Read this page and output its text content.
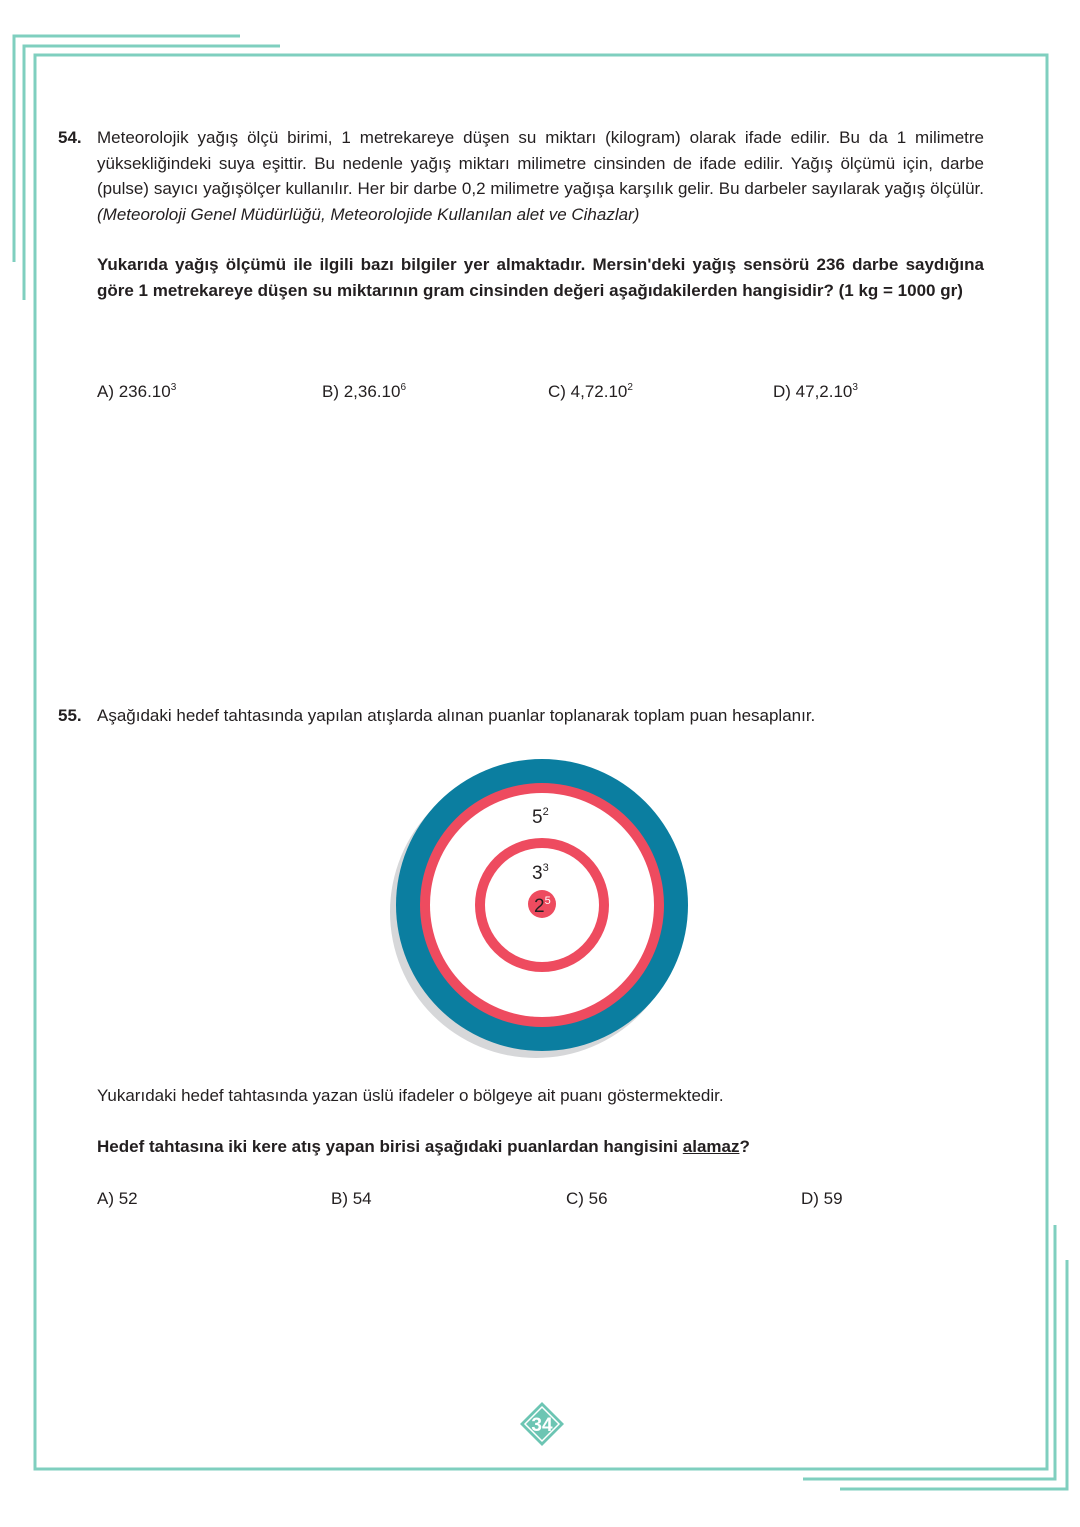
54. Meteorolojik yağış ölçü birimi, 1 metrekareye düşen su miktarı (kilogram) olarak ifade edilir. Bu da 1 milimetre yüksekliğindeki suya eşittir. Bu nedenle yağış miktarı milimetre cinsinden de ifade edilir. Yağış ölçümü için, darbe (pulse) sayıcı yağışölçer kullanılır. Her bir darbe 0,2 milimetre yağışa karşılık gelir. Bu darbeler sayılarak yağış ölçülür. (Meteoroloji Genel Müdürlüğü, Meteorolojide Kullanılan alet ve Cihazlar)

Yukarıda yağış ölçümü ile ilgili bazı bilgiler yer almaktadır. Mersin'deki yağış sensörü 236 darbe saydığına göre 1 metrekareye düşen su miktarının gram cinsinden değeri aşağıdakilerden hangisidir? (1 kg = 1000 gr)

A) 236.10$^3$	B) 2,36.10$^6$	C) 4,72.10$^2$	D) 47,2.10$^3$
55. Aşağıdaki hedef tahtasında yapılan atışlarda alınan puanlar toplanarak toplam puan hesaplanır.

$5^2$
$3^3$
$2^5$

Yukarıdaki hedef tahtasında yazan üslü ifadeler o bölgeye ait puanı göstermektedir.

Hedef tahtasına iki kere atış yapan birisi aşağıdaki puanlardan hangisini alamaz?

A) 52	B) 54	C) 56	D) 59
34
